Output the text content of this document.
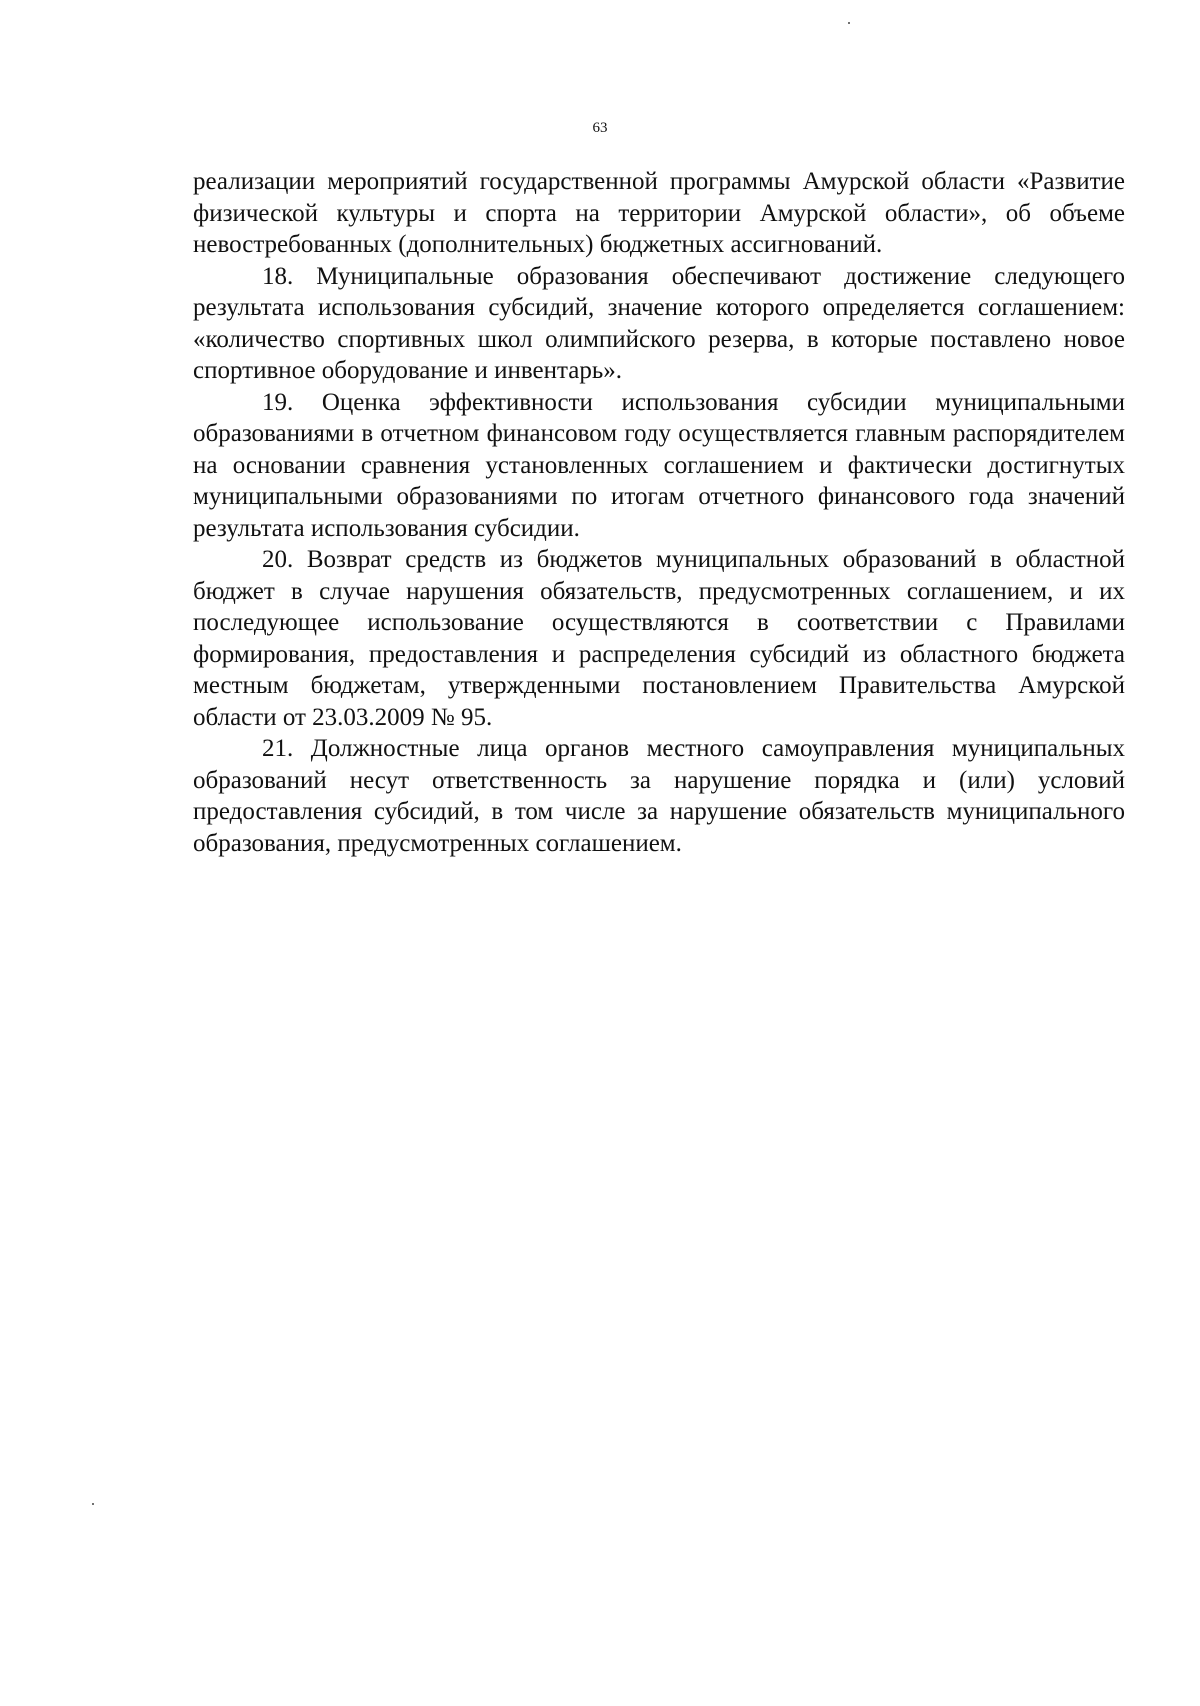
63

реализации мероприятий государственной программы Амурской области «Развитие физической культуры и спорта на территории Амурской области», об объеме невостребованных (дополнительных) бюджетных ассигнований.

18. Муниципальные образования обеспечивают достижение следующего результата использования субсидий, значение которого определяется соглашением: «количество спортивных школ олимпийского резерва, в которые поставлено новое спортивное оборудование и инвентарь».

19. Оценка эффективности использования субсидии муниципальными образованиями в отчетном финансовом году осуществляется главным распорядителем на основании сравнения установленных соглашением и фактически достигнутых муниципальными образованиями по итогам отчетного финансового года значений результата использования субсидии.

20. Возврат средств из бюджетов муниципальных образований в областной бюджет в случае нарушения обязательств, предусмотренных соглашением, и их последующее использование осуществляются в соответствии с Правилами формирования, предоставления и распределения субсидий из областного бюджета местным бюджетам, утвержденными постановлением Правительства Амурской области от 23.03.2009 № 95.

21. Должностные лица органов местного самоуправления муниципальных образований несут ответственность за нарушение порядка и (или) условий предоставления субсидий, в том числе за нарушение обязательств муниципального образования, предусмотренных соглашением.
